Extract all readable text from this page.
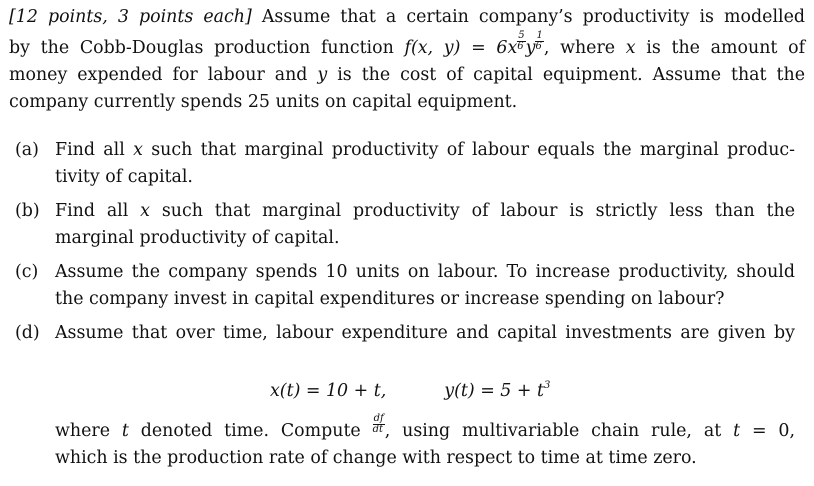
[12 points, 3 points each] Assume that a certain company’s productivity is modelled
by the Cobb-Douglas production function f(x, $y) = 6x \frac{5}{6}$ y $\frac{1}{6}$ , where x is the amount of
money expended for labour and y is the cost of capital equipment. Assume that the
company currently spends 25 units on capital equipment.
(a) Find all x such that marginal productivity of labour equals the marginal produc-
tivity of capital.
(b) Find all x such that marginal productivity of labour is strictly less than the
marginal productivity of capital.
(c) Assume the company spends 10 units on labour. To increase productivity, should
the company invest in capital expenditures or increase spending on labour?
(d) Assume that over time, labour expenditure and capital investments are given by
x(t) = 10 + t,	$y(t) = 5 + t^3$
where t denoted time. Compute $\frac{df}{dt}$ , using multivariable chain rule, at t = 0,
which is the production rate of change with respect to time at time zero.
